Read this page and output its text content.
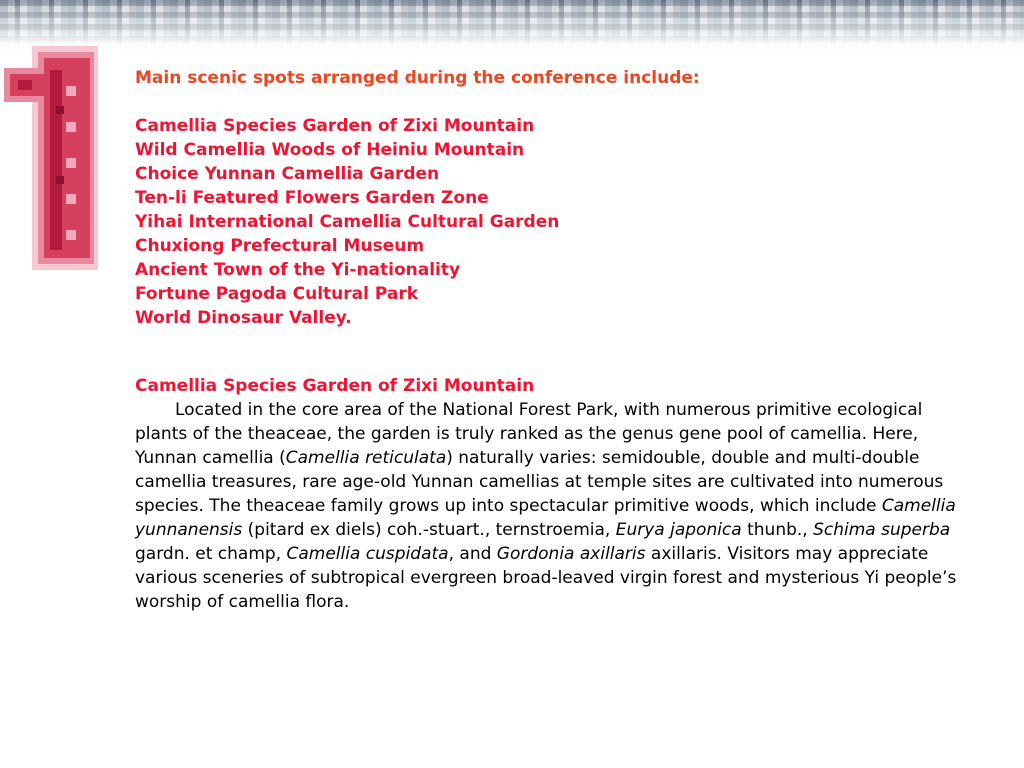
Main scenic spots arranged during the conference include:

Camellia Species Garden of Zixi Mountain
Wild Camellia Woods of Heiniu Mountain
Choice Yunnan Camellia Garden
Ten-li Featured Flowers Garden Zone
Yihai International Camellia Cultural Garden
Chuxiong Prefectural Museum
Ancient Town of the Yi-nationality
Fortune Pagoda Cultural Park
World Dinosaur Valley.

Camellia Species Garden of Zixi Mountain

Located in the core area of the National Forest Park, with numerous primitive ecological plants of the theaceae, the garden is truly ranked as the genus gene pool of camellia. Here, Yunnan camellia (Camellia reticulata) naturally varies: semidouble, double and multi-double camellia treasures, rare age-old Yunnan camellias at temple sites are cultivated into numerous species. The theaceae family grows up into spectacular primitive woods, which include Camellia yunnanensis (pitard ex diels) coh.-stuart., ternstroemia, Eurya japonica thunb., Schima superba gardn. et champ, Camellia cuspidata, and Gordonia axillaris axillaris. Visitors may appreciate various sceneries of subtropical evergreen broad-leaved virgin forest and mysterious Yi people’s worship of camellia flora.
